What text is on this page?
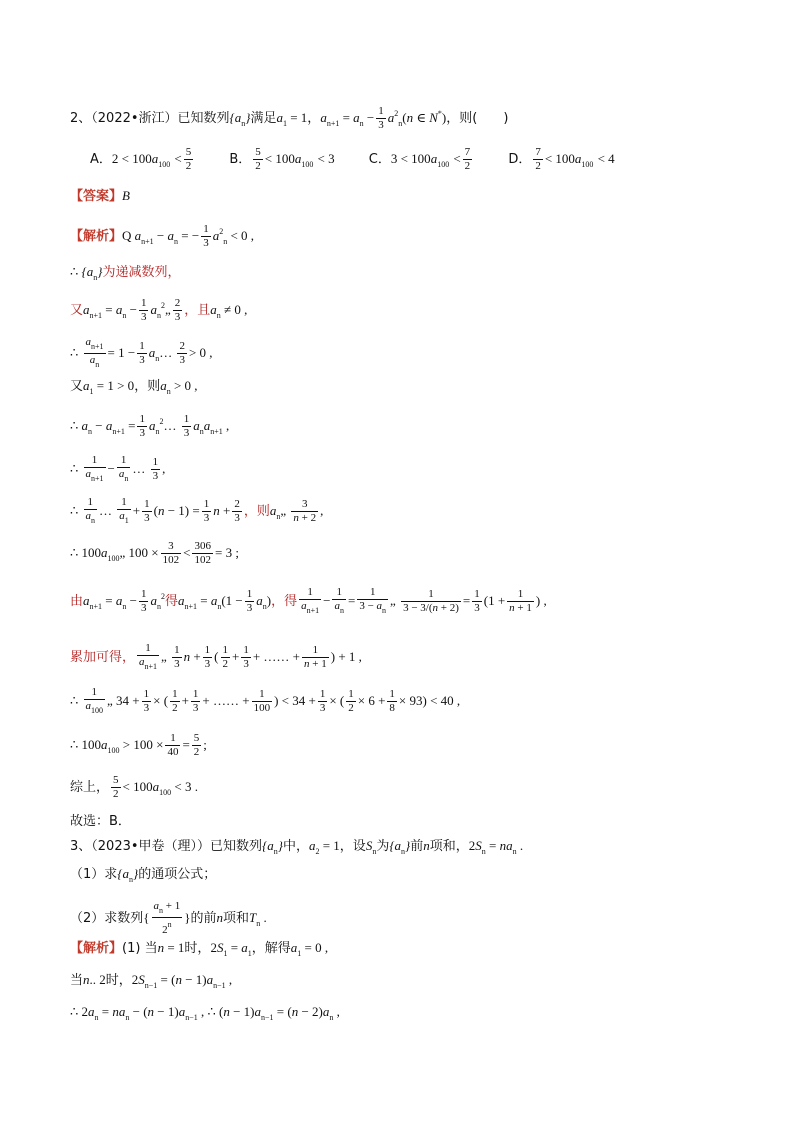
2、（2022•浙江）已知数列$\{a_n\}$满足$a_1 = 1$，$a_{n+1} = a_n - \frac{1}{3} a^2_n(n$ ∈ N*)，则(　　)
A．$2 < 100a_{100} < \frac{5}{2}$	B． $\frac{5}{2} < 100a_{100} < 3$	C．$3 < 100a_{100} < \frac{7}{2}$	D． $\frac{7}{2} < 100a_{100} < 4$
【答案】B
【解析】Q $a_{n+1} - a_n$ = − $\frac{1}{3} a^2_n < 0$ ,
∴ $\{a_n\}$为递减数列，
又$a_{n+1} = a_n - \frac{1}{3}$ $a_n^2„ \frac{2}{3}$ ，且$a_n \ne 0$ ,
∴ $\frac{a_{n+1}}{a_n} = 1 - \frac{1}{3}$ $a_n\dots \frac{2}{3} > 0$ ,
又$a_1 = 1 > 0$，则$a_n > 0$ ,
∴ $a_n - a_{n+1} = \frac{1}{3}$ $a_n^2\dots \frac{1}{3} a_na_{n+1}$ ,
∴ $\frac{1}{a_{n+1}} - \frac{1}{a_n}$ … $\frac{1}{3}$ ,
∴ $\frac{1}{a_n}$ … $\frac{1}{a_1} + \frac{1}{3} (n - 1) = \frac{1}{3}$ $n + \frac{2}{3}$ ，则$a_n„ \frac{3}{n + 2}$ ,
∴ $100a_{100}„$ $100 \times \frac{3}{102} < \frac{306}{102} = 3$ ;
由$a_{n+1} = a_n - \frac{1}{3} a_n^2$得$a_{n+1} = a_n(1 - \frac{1}{3} a_n)$，得 $\frac{1}{a_{n+1}} - \frac{1}{a_n} = \frac{1}{3 - a_n}$ „ $\frac{1}{3 - 3/(n + 2)} = \frac{1}{3} (1 + \frac{1}{n + 1}$ ) ,
累加可得， $\frac{1}{a_{n+1}}$ „ $\frac{1}{3}$ $n + \frac{1}{3}$ ( $\frac{1}{2} + \frac{1}{3}$ + …… + $\frac{1}{n + 1}$ ) + 1 ,
∴ $\frac{1}{a_{100}}$ „ $34 + \frac{1}{3}$ × ( $\frac{1}{2} + \frac{1}{3}$ + …… + $\frac{1}{100}$ ) < $34 + \frac{1}{3}$ × ( $\frac{1}{2} \times 6 + \frac{1}{8} \times 93) < 40$ ,
∴ $100a_{100} > 100 \times \frac{1}{40} = \frac{5}{2}$ ;
综上， $\frac{5}{2} < 100a_{100} < 3$ .
故选：B．
3、（2023•甲卷（理））已知数列$\{a_n\}$中，$a_2 = 1$，设$S_n$为$\{a_n\}$前n项和，$2S_n = na_n$ .
（1）求$\{a_n\}$的通项公式；
（2）求数列{ $\frac{a_n + 1}{2^n}$ }的前n项和$T_n$ .
【解析】(1) 当n = 1时，$2S_1 = a_1$，解得$a_1 = 0$ ,
当n.. 2时，$2S_{n-1} = (n - 1)a_{n-1}$ ,
∴ $2a_n = na_n - (n - 1)a_{n-1}$ , ∴ $(n - 1)a_{n-1} = (n - 2)a_n$ ,
